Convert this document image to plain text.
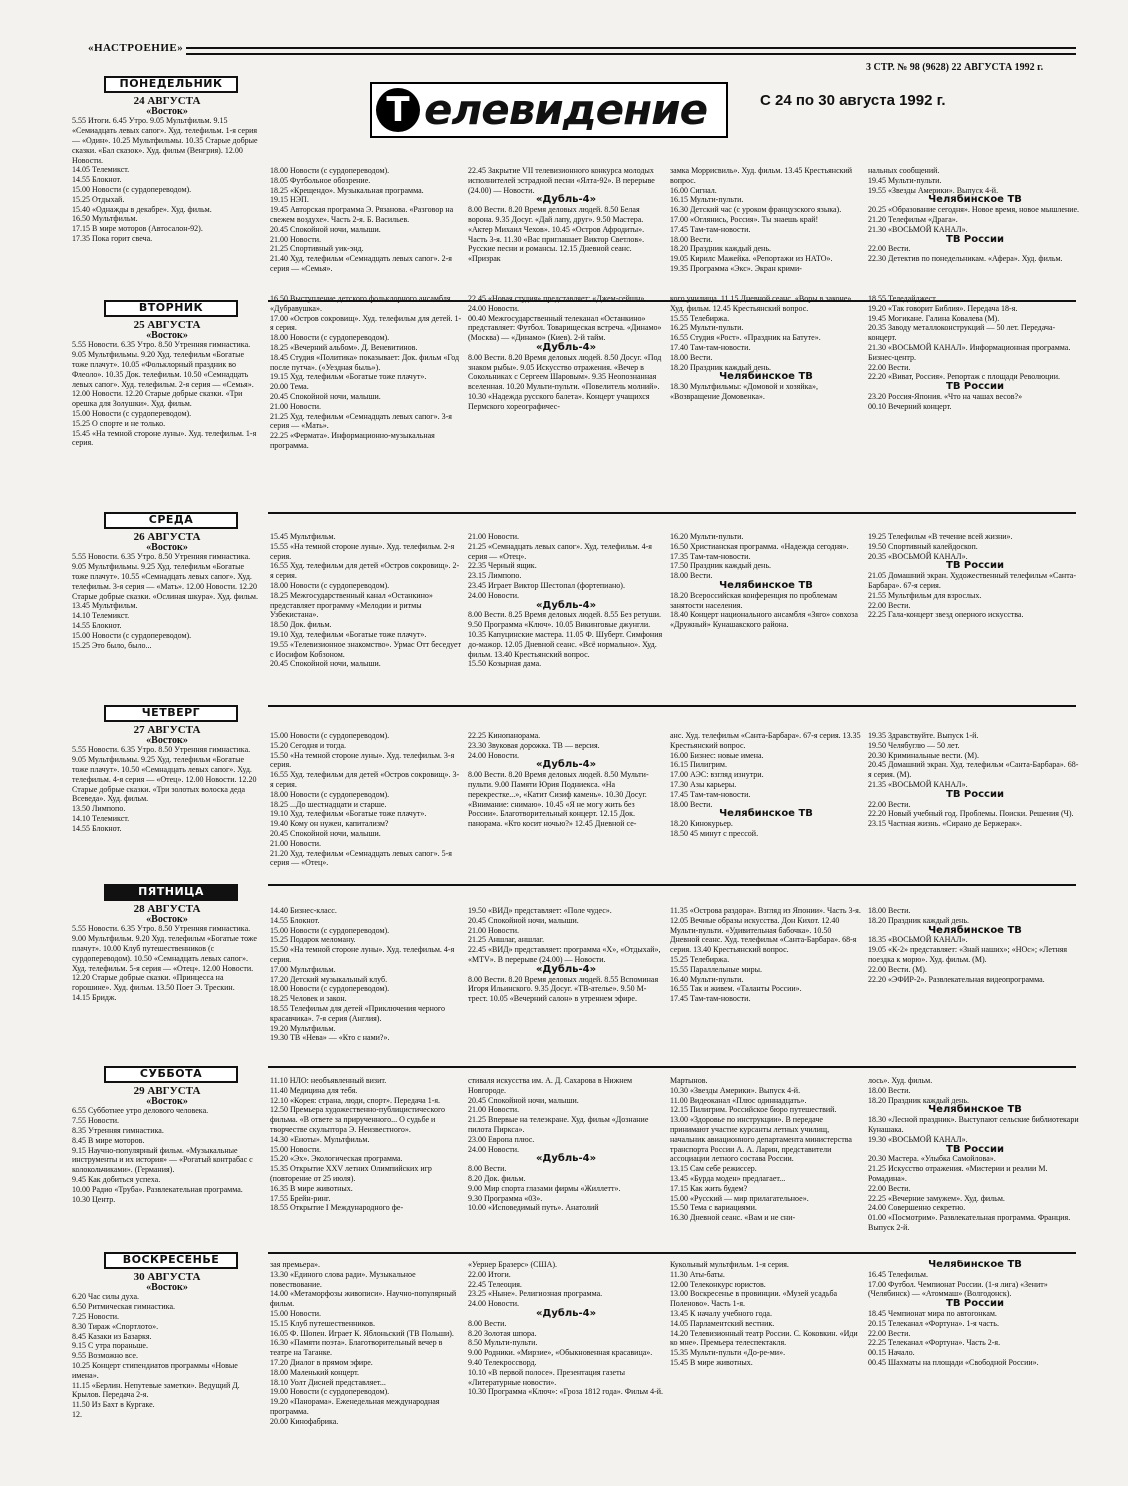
«НАСТРОЕНИЕ»
3 СТР. № 98 (9628) 22 АВГУСТА 1992 г.
Т елевидение	С 24 по 30 августа 1992 г.
ПОНЕДЕЛЬНИК

24 АВГУСТА

«Восток»

5.55 Итоги. 6.45 Утро. 9.05 Мультфильм. 9.15 «Семиадцать левых сапог». Худ. телефильм. 1-я серия — «Один». 10.25 Мультфильмы. 10.35 Старые добрые сказки. «Бал сказок». Худ. фильм (Венгрия). 12.00 Новости.

14.05 Телемикст.

14.55 Блокнот.

15.00 Новости (с сурдопереводом).

15.25 Отдыхай.

15.40 «Однажды в декабре». Худ. фильм.

16.50 Мультфильм.

17.15 В мире моторов (Автосалон-92).

17.35 Пока горит свеча.

18.00 Новости (с сурдопереводом).

18.05 Футбольное обозрение.

18.25 «Крещендо». Музыкальная программа.

19.15 НЭП.

19.45 Авторская программа Э. Рязанова. «Разговор на свежем воздухе». Часть 2-я. Б. Васильев.

20.45 Спокойной ночи, малыши.

21.00 Новости.

21.25 Спортивный уик-энд.

21.40 Худ. телефильм «Семнадцать левых сапог». 2-я серия — «Семья».

22.45 Закрытие VII телевизионного конкурса молодых исполнителей эстрадной песни «Ялта-92». В перерыве (24.00) — Новости.

«Дубль-4»

8.00 Вести. 8.20 Время деловых людей. 8.50 Белая ворона. 9.35 Досуг. «Дай лапу, друг». 9.50 Мастера. «Актер Михаил Чехов». 10.45 «Остров Афродиты». Часть 3-я. 11.30 «Вас приглашает Виктор Светлов». Русские песни и романсы. 12.15 Дневной сеанс. «Призрак

замка Моррисвиль». Худ. фильм. 13.45 Крестьянский вопрос.

16.00 Сигнал.

16.15 Мульти-пульти.

16.30 Детский час (с уроком французского языка).

17.00 «Оглянись, Россия». Ты знаешь край!

17.45 Там-там-новости.

18.00 Вести.

18.20 Праздник каждый день.

19.05 Кирилс Мажейка. «Репортажи из НАТО».

19.35 Программа «Экс». Экран крими-

нальных сообщений.

19.45 Мульти-пульти.

19.55 «Звезды Америки». Выпуск 4-й.

Челябинское ТВ

20.25 «Образование сегодня». Новое время, новое мышление.

21.20 Телефильм «Драга».

21.30 «ВОСЬМОЙ КАНАЛ».

ТВ России

22.00 Вести.

22.30 Детектив по понедельникам. «Афера». Худ. фильм.

ВТОРНИК

25 АВГУСТА

«Восток»

5.55 Новости. 6.35 Утро. 8.50 Утренняя гимнастика. 9.05 Мультфильмы. 9.20 Худ. телефильм «Богатые тоже плачут». 10.05 «Фольклорный праздник во Флеоло». 10.35 Док. телефильм. 10.50 «Семнадцать левых сапог». Худ. телефильм. 2-я серия — «Семья». 12.00 Новости. 12.20 Старые добрые сказки. «Три орешка для Золушки». Худ. фильм.

15.00 Новости (с сурдопереводом).

15.25 О спорте и не только.

15.45 «На темной стороне луны». Худ. телефильм. 1-я серия.

16.50 Выступление детского фольклорного ансамбля «Дубравушка».

17.00 «Остров сокровищ». Худ. телефильм для детей. 1-я серия.

18.00 Новости (с сурдопереводом).

18.25 «Вечерний альбом». Д. Веневитинов.

18.45 Студия «Политика» показывает: Док. фильм «Год после путча». («Уездная быль»).

19.15 Худ. телефильм «Богатые тоже плачут».

20.00 Тема.

20.45 Спокойной ночи, малыши.

21.00 Новости.

21.25 Худ. телефильм «Семнадцать левых сапог». 3-я серия — «Мать».

22.25 «Фермата». Информационно-музыкальная программа.

22.45 «Новая студия» представляет: «Джем-сейшн».

24.00 Новости.

00.40 Межгосударственный телеканал «Останкино» представляет: Футбол. Товарищеская встреча. «Динамо» (Москва) — «Динамо» (Киев). 2-й тайм.

«Дубль-4»

8.00 Вести. 8.20 Время деловых людей. 8.50 Досуг. «Под знаком рыбы». 9.05 Искусство отражения. «Вечер в Сокольниках с Сергеем Шаровым». 9.35 Неопознанная вселенная. 10.20 Мульти-пульти. «Повелитель молний». 10.30 «Надежда русского балета». Концерт учащихся Пермского хореографичес-

кого училища. 11.15 Дневной сеанс. «Воры в законе». Худ. фильм. 12.45 Крестьянский вопрос.

15.55 Телебиржа.

16.25 Мульти-пульти.

16.55 Студия «Рост». «Праздник на Батуте».

17.40 Там-там-новости.

18.00 Вести.

18.20 Праздник каждый день.

Челябинское ТВ

18.30 Мультфильмы: «Домовой и хозяйка», «Возвращение Домовенка».

18.55 Теледайджест.

19.20 «Так говорит Библия». Передача 18-я.

19.45 Могикане. Галина Ковалева (М).

20.35 Заводу металлоконструкций — 50 лет. Передача-концерт.

21.30 «ВОСЬМОЙ КАНАЛ». Информационная программа. Бизнес-центр.

22.00 Вести.

22.20 «Виват, Россия». Репортаж с площади Революции.

ТВ России

23.20 Россия-Япония. «Что на чашах весов?»

00.10 Вечерний концерт.

СРЕДА

26 АВГУСТА

«Восток»

5.55 Новости. 6.35 Утро. 8.50 Утренняя гимнастика. 9.05 Мультфильмы. 9.25 Худ. телефильм «Богатые тоже плачут». 10.55 «Семнадцать левых сапог». Худ. телефильм. 3-я серия — «Мать». 12.00 Новости. 12.20 Старые добрые сказки. «Ослиная шкура». Худ. фильм. 13.45 Мультфильм.

14.10 Телемикст.

14.55 Блокнот.

15.00 Новости (с сурдопереводом).

15.25 Это было, было...

15.45 Мультфильм.

15.55 «На темной стороне луны». Худ. телефильм. 2-я серия.

16.55 Худ. телефильм для детей «Остров сокровищ». 2-я серия.

18.00 Новости (с сурдопереводом).

18.25 Межгосударственный канал «Останкино» представляет программу «Мелодии и ритмы Узбекистана».

18.50 Док. фильм.

19.10 Худ. телефильм «Богатые тоже плачут».

19.55 «Телевизионное знакомство». Урмас Отт беседует с Иосифом Кобзоном.

20.45 Спокойной ночи, малыши.

21.00 Новости.

21.25 «Семнадцать левых сапог». Худ. телефильм. 4-я серия — «Отец».

22.35 Черный ящик.

23.15 Лимпопо.

23.45 Играет Виктор Шестопал (фортепиано).

24.00 Новости.

«Дубль-4»

8.00 Вести. 8.25 Время деловых людей. 8.55 Без ретуши. 9.50 Программа «Ключ». 10.05 Викинговые джунгли. 10.35 Капуцинские мастера. 11.05 Ф. Шуберт. Симфония до-мажор. 12.05 Дневной сеанс. «Всё нормально». Худ. фильм. 13.40 Крестьянский вопрос.

15.50 Козырная дама.

16.20 Мульти-пульти.

16.50 Христианская программа. «Надежда сегодня».

17.35 Там-там-новости.

17.50 Праздник каждый день.

18.00 Вести.

Челябинское ТВ

18.20 Всероссийская конференция по проблемам занятости населения.

18.40 Концерт национального ансамбля «Зяго» совхоза «Дружный» Кунашакского района.

19.25 Телефильм «В течение всей жизни».

19.50 Спортивный калейдоскоп.

20.35 «ВОСЬМОЙ КАНАЛ».

ТВ России

21.05 Домашний экран. Художественный телефильм «Санта-Барбара». 67-я серия.

21.55 Мультфильм для взрослых.

22.00 Вести.

22.25 Гала-концерт звезд оперного искусства.

ЧЕТВЕРГ

27 АВГУСТА

«Восток»

5.55 Новости. 6.35 Утро. 8.50 Утренняя гимнастика. 9.05 Мультфильмы. 9.25 Худ. телефильм «Богатые тоже плачут». 10.50 «Семнадцать левых сапог». Худ. телефильм. 4-я серия — «Отец». 12.00 Новости. 12.20 Старые добрые сказки. «Три золотых волоска деда Всеведа». Худ. фильм.

13.50 Лимпопо.

14.10 Телемикст.

14.55 Блокнот.

15.00 Новости (с сурдопереводом).

15.20 Сегодня и тогда.

15.50 «На темной стороне луны». Худ. телефильм. 3-я серия.

16.55 Худ. телефильм для детей «Остров сокровищ». 3-я серия.

18.00 Новости (с сурдопереводом).

18.25 ...До шестнадцати и старше.

19.10 Худ. телефильм «Богатые тоже плачут».

19.40 Кому он нужен, капитализм?

20.45 Спокойной ночи, малыши.

21.00 Новости.

21.20 Худ. телефильм «Семнадцать левых сапог». 5-я серия — «Отец».

22.25 Кинопанорама.

23.30 Звуковая дорожка. ТВ — версия.

24.00 Новости.

«Дубль-4»

8.00 Вести. 8.20 Время деловых людей. 8.50 Мульти-пульти. 9.00 Памяти Юрия Подниекса. «На перекрестке...», «Катит Сизиф камень». 10.30 Досуг. «Внимание: снимаю». 10.45 «Я не могу жить без России». Благотворительный концерт. 12.15 Док. панорама. «Кто косит ночью?» 12.45 Дневной се-

анс. Худ. телефильм «Санта-Барбара». 67-я серия. 13.35 Крестьянский вопрос.

16.00 Бизнес: новые имена.

16.15 Пилигрим.

17.00 АЭС: взгляд изнутри.

17.30 Азы карьеры.

17.45 Там-там-новости.

18.00 Вести.

Челябинское ТВ

18.20 Кинокурьер.

18.50 45 минут с прессой.

19.35 Здравствуйте. Выпуск 1-й.

19.50 Челябуглю — 50 лет.

20.30 Криминальные вести. (М).

20.45 Домашний экран. Худ. телефильм «Санта-Барбара». 68-я серия. (М).

21.35 «ВОСЬМОЙ КАНАЛ».

ТВ России

22.00 Вести.

22.20 Новый учебный год. Проблемы. Поиски. Решения (Ч).

23.15 Частная жизнь. «Сирано де Бержерак».

ПЯТНИЦА

28 АВГУСТА

«Восток»

5.55 Новости. 6.35 Утро. 8.50 Утренняя гимнастика. 9.00 Мультфильм. 9.20 Худ. телефильм «Богатые тоже плачут». 10.00 Клуб путешественников (с сурдопереводом). 10.50 «Семнадцать левых сапог». Худ. телефильм. 5-я серия — «Отец». 12.00 Новости. 12.20 Старые добрые сказки. «Принцесса на горошине». Худ. фильм. 13.50 Поет Э. Трескин.

14.15 Бридж.

14.40 Бизнес-класс.

14.55 Блокнот.

15.00 Новости (с сурдопереводом).

15.25 Подарок меломану.

15.50 «На темной стороне луны». Худ. телефильм. 4-я серия.

17.00 Мультфильм.

17.20 Детский музыкальный клуб.

18.00 Новости (с сурдопереводом).

18.25 Человек и закон.

18.55 Телефильм для детей «Приключения черного красавчика». 7-я серия (Англия).

19.20 Мультфильм.

19.30 ТВ «Нева» — «Кто с нами?».

19.50 «ВИД» представляет: «Поле чудес».

20.45 Спокойной ночи, малыши.

21.00 Новости.

21.25 Аншлаг, аншлаг.

22.45 «ВИД» представляет: программа «Х», «Отдыхай», «МТV». В перерыве (24.00) — Новости.

«Дубль-4»

8.00 Вести. 8.20 Время деловых людей. 8.55 Вспоминая Игоря Ильинского. 9.35 Досуг. «ТВ-ателье». 9.50 М-трест. 10.05 «Вечерний салон» в утреннем эфире.

11.35 «Острова раздора». Взгляд из Японии». Часть 3-я. 12.05 Вечные образы искусства. Дон Кихот. 12.40 Мульти-пульти. «Удивительная бабочка». 10.50 Дневной сеанс. Худ. телефильм «Санта-Барбара». 68-я серия. 13.40 Крестьянский вопрос.

15.25 Телебиржа.

15.55 Параллельные миры.

16.40 Мульти-пульти.

16.55 Так и живем. «Таланты России».

17.45 Там-там-новости.

18.00 Вести.

18.20 Праздник каждый день.

Челябинское ТВ

18.35 «ВОСЬМОЙ КАНАЛ».

19.05 «К-2» представляет: «Знай наших»; «НОс»; «Летняя поездка к морю». Худ. фильм. (М).

22.00 Вести. (М).

22.20 «ЭФИР-2». Развлекательная видеопрограмма.

СУББОТА

29 АВГУСТА

«Восток»

6.55 Субботнее утро делового человека.

7.55 Новости.

8.35 Утренняя гимнастика.

8.45 В мире моторов.

9.15 Научно-популярный фильм. «Музыкальные инструменты и их история» — «Рогатый контрабас с колокольчиками». (Германия).

9.45 Как добиться успеха.

10.00 Радио «Труба». Развлекательная программа.

10.30 Центр.

11.10 НЛО: необъявленный визит.

11.40 Медицина для тебя.

12.10 «Корея: страна, люди, спорт». Передача 1-я.

12.50 Премьера художественно-публицистического фильма. «В ответе за прирученного... О судьбе и творчестве скульптора Э. Неизвестного».

14.30 «Еноты». Мультфильм.

15.00 Новости.

15.20 «Эх». Экологическая программа.

15.35 Открытие XXV летних Олимпийских игр (повторение от 25 июля).

16.35 В мире животных.

17.55 Брейн-ринг.

18.55 Открытие I Международного фе-

стиваля искусства им. А. Д. Сахарова в Нижнем Новгороде.

20.45 Спокойной ночи, малыши.

21.00 Новости.

21.25 Впервые на телеэкране. Худ. фильм «Дознание пилота Пиркса».

23.00 Европа плюс.

24.00 Новости.

«Дубль-4»

8.00 Вести.

8.20 Док. фильм.

9.00 Мир спорта глазами фирмы «Жиллетт».

9.30 Программа «03».

10.00 «Исповедимый путь». Анатолий

Мартынов.

10.30 «Звезды Америки». Выпуск 4-й.

11.00 Видеоканал «Плюс одиннадцать».

12.15 Пилигрим. Российское бюро путешествий.

13.00 «Здоровье по инструкции». В передаче принимают участие курсанты летных училищ, начальник авиационного департамента министерства транспорта России А. А. Ларин, представители ассоциации летного состава России.

13.15 Сам себе режиссер.

13.45 «Бурда моден» предлагает...

17.15 Как жить будем?

15.00 «Русский — мир прилагательное».

15.50 Тема с вариациями.

16.30 Дневной сеанс. «Вам и не сни-

лось». Худ. фильм.

18.00 Вести.

18.20 Праздник каждый день.

Челябинское ТВ

18.30 «Лесной праздник». Выступают сельские библиотекари Кунашака.

19.30 «ВОСЬМОЙ КАНАЛ».

ТВ России

20.30 Мастера. «Улыбка Самойлова».

21.25 Искусство отражения. «Мистерии и реалии М. Ромадина».

22.00 Вести.

22.25 «Вечерние замужем». Худ. фильм.

24.00 Совершенно секретно.

01.00 «Посмотрим». Развлекательная программа. Франция. Выпуск 2-й.

ВОСКРЕСЕНЬЕ

30 АВГУСТА

«Восток»

6.20 Час силы духа.

6.50 Ритмическая гимнастика.

7.25 Новости.

8.30 Тираж «Спортлото».

8.45 Казаки из Базаркя.

9.15 С утра пораньше.

9.55 Возможно все.

10.25 Концерт стипендиатов программы «Новые имена».

11.15 «Берлин. Непутевые заметки». Ведущий Д. Крылов. Передача 2-я.

11.50 Из Бахт в Кургаке.

12.

зая премьера».

13.30 «Единого слова ради». Музыкальное повествование.

14.00 «Метаморфозы живописи». Научно-популярный фильм.

15.00 Новости.

15.15 Клуб путешественников.

16.05 Ф. Шопен. Играет К. Яблоньский (ТВ Польши).

16.30 «Памяти поэта». Благотворительный вечер в театре на Таганке.

17.20 Диалог в прямом эфире.

18.00 Маленький концерт.

18.10 Уолт Дисней представляет...

19.00 Новости (с сурдопереводом).

19.20 «Панорама». Еженедельная международная программа.

20.00 Кинофабрика.

«Уернер Бразерс» (США).

22.00 Итоги.

22.45 Телеоция.

23.25 «Ныне». Религиозная программа.

24.00 Новости.

«Дубль-4»

8.00 Вести.

8.20 Золотая шпора.

8.50 Мульти-пульти.

9.00 Родники. «Мирзие», «Обыкновенная красавица».

9.40 Телекроссворд.

10.10 «В первой полосе». Презентация газеты «Литературные новости».

10.30 Программа «Ключ»: «Гроза 1812 года». Фильм 4-й.

Кукольный мультфильм. 1-я серия.

11.30 Аты-баты.

12.00 Телеконкурс юристов.

13.00 Воскресенье в провинции. «Музей усадьба Поленово». Часть 1-я.

13.45 К началу учебного года.

14.05 Парламентский вестник.

14.20 Телевизионный театр России. С. Коковкин. «Иди ко мне». Премьера телеспектакля.

15.35 Мульти-пульти «До-ре-ми».

15.45 В мире животных.

Челябинское ТВ

16.45 Телефильм.

17.00 Футбол. Чемпионат России. (1-я лига) «Зенит» (Челябинск) — «Атоммаш» (Волгодонск).

ТВ России

18.45 Чемпионат мира по автогонкам.

20.15 Телеканал «Фортуна». 1-я часть.

22.00 Вести.

22.25 Телеканал «Фортуна». Часть 2-я.

00.15 Начало.

00.45 Шахматы на площади «Свободной России».
